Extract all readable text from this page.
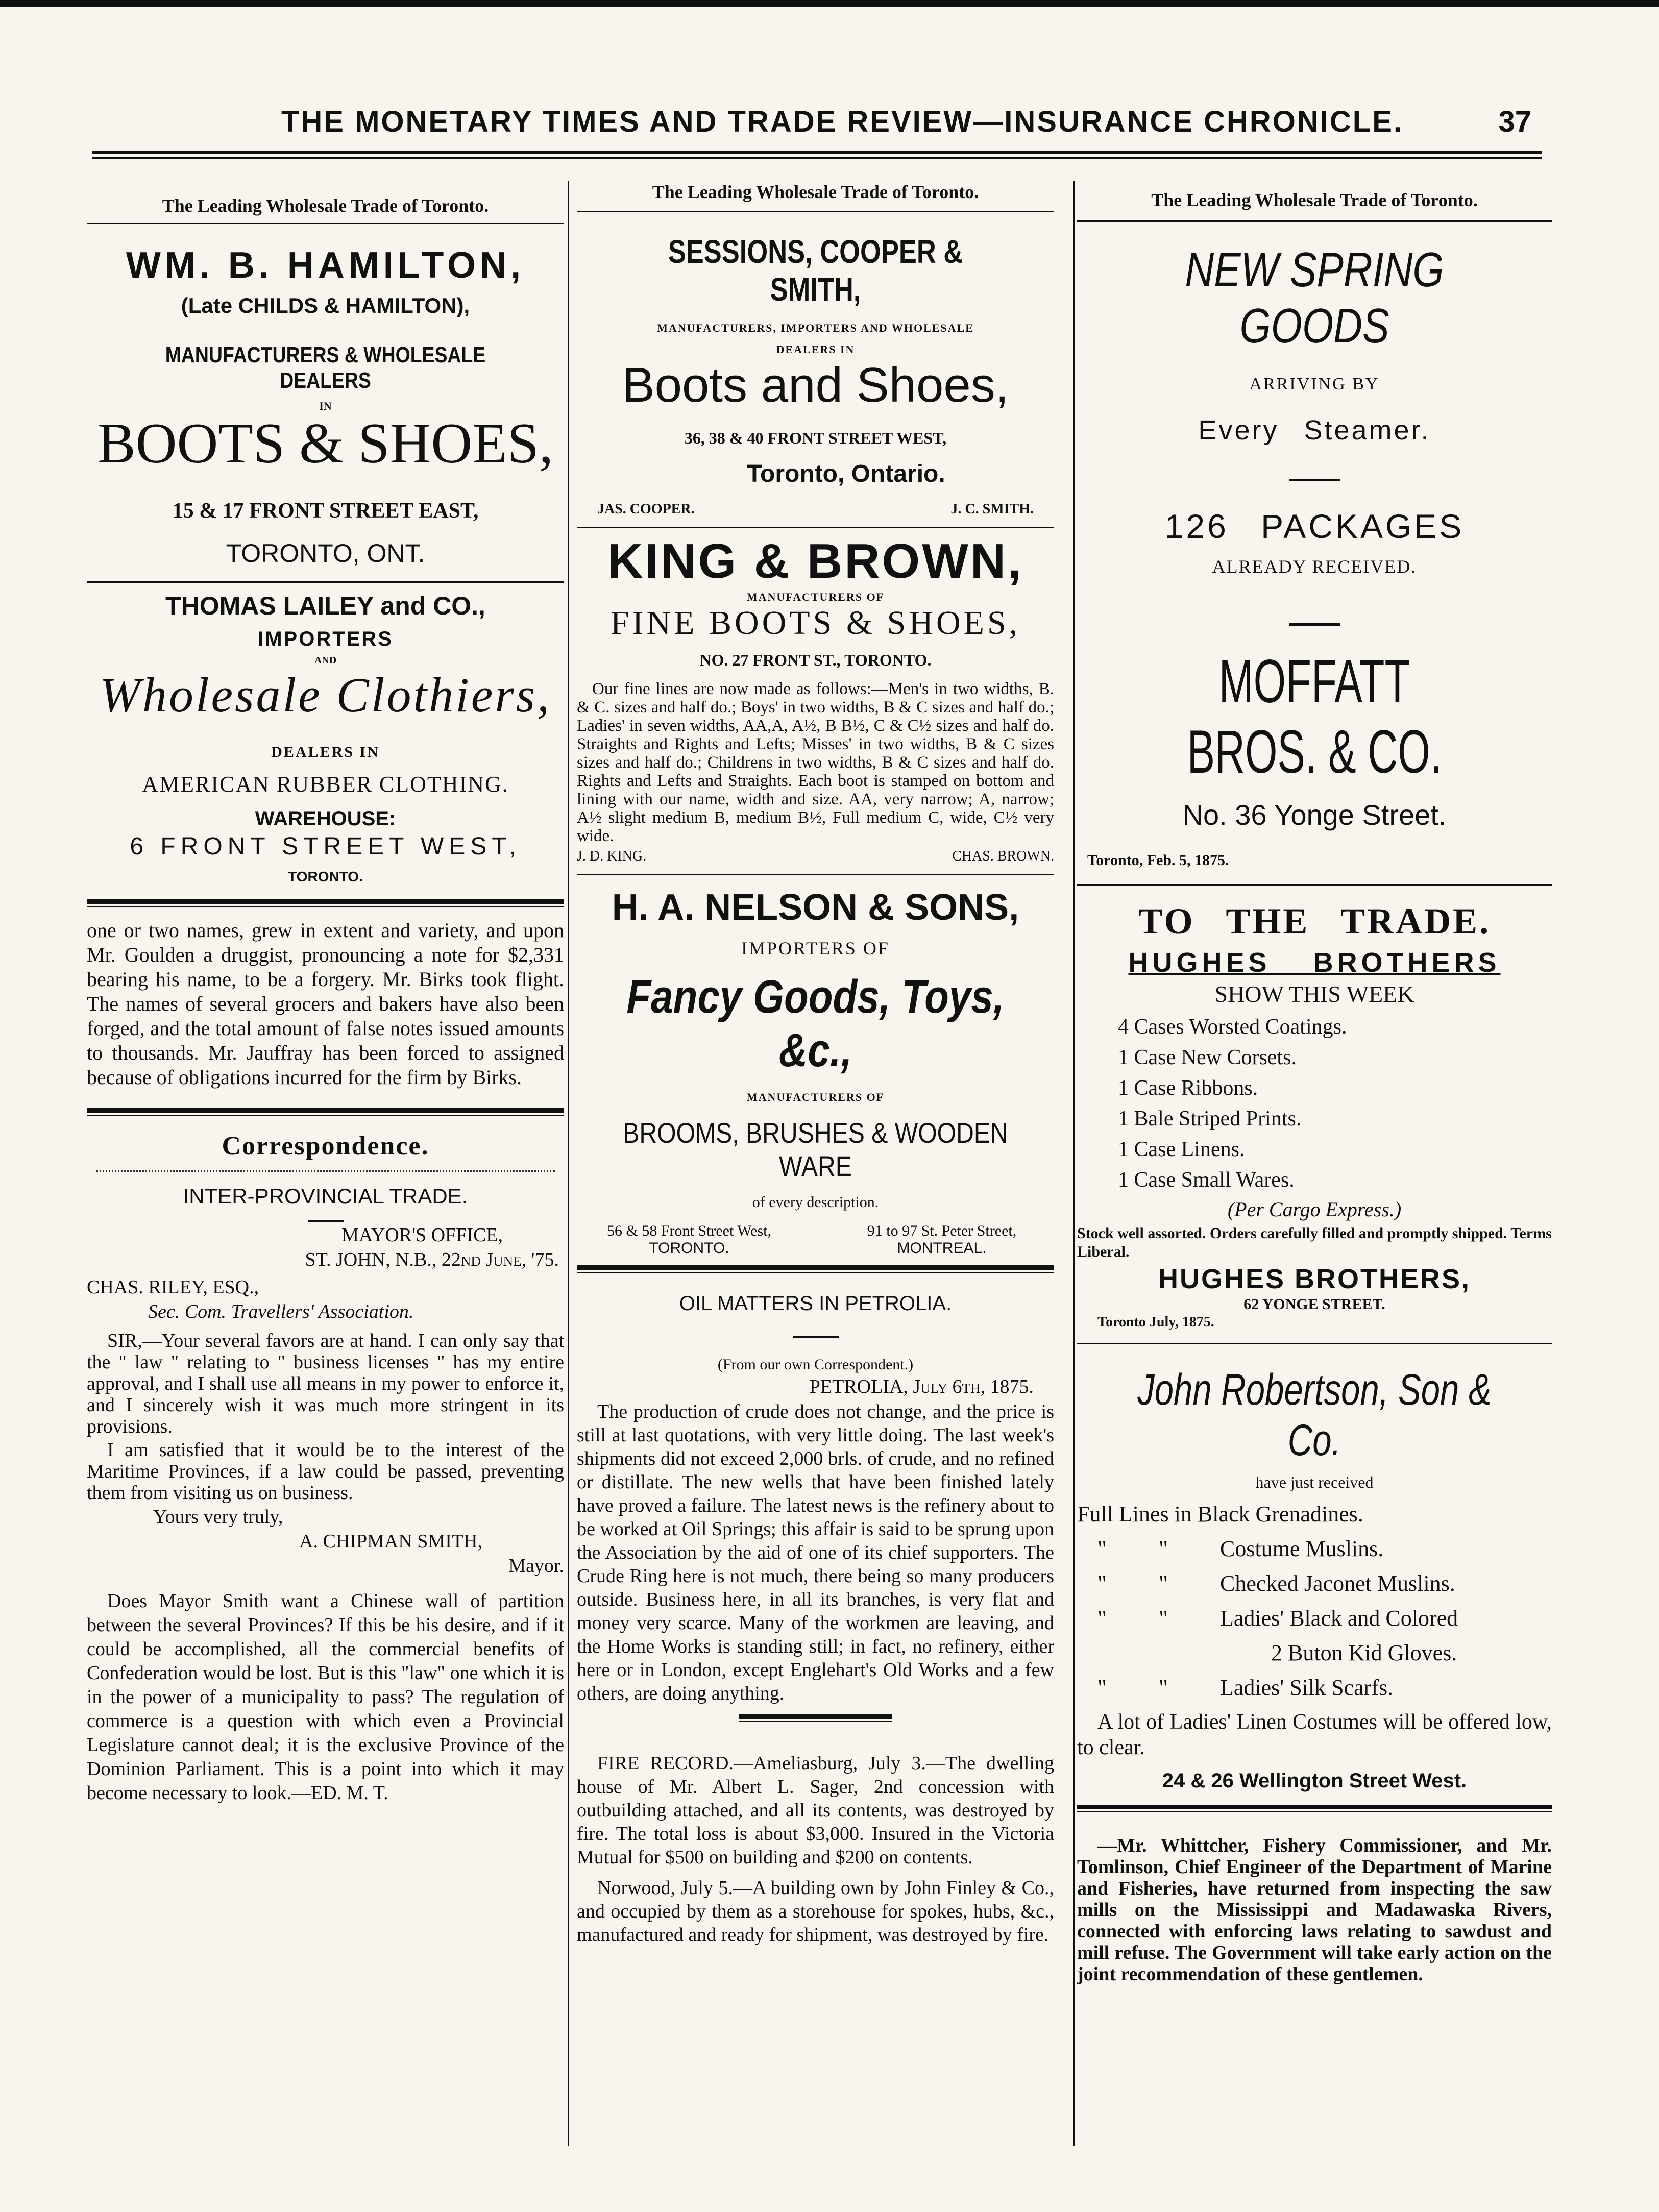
THE MONETARY TIMES AND TRADE REVIEW—INSURANCE CHRONICLE.	37
The Leading Wholesale Trade of Toronto.
WM. B. HAMILTON,
(Late CHILDS & HAMILTON),
MANUFACTURERS & WHOLESALE DEALERS
IN
BOOTS & SHOES,
15 & 17 FRONT STREET EAST,
TORONTO, ONT.
THOMAS LAILEY and CO.,
IMPORTERS
AND
Wholesale Clothiers,
DEALERS IN
AMERICAN RUBBER CLOTHING.
WAREHOUSE:
6 FRONT STREET WEST,
TORONTO.

one or two names, grew in extent and variety, and upon Mr. Goulden a druggist, pronouncing a note for $2,331 bearing his name, to be a forgery. Mr. Birks took flight. The names of several grocers and bakers have also been forged, and the total amount of false notes issued amounts to thousands. Mr. Jauffray has been forced to assigned because of obligations incurred for the firm by Birks.

Correspondence.
INTER-PROVINCIAL TRADE.
MAYOR'S OFFICE,
ST. JOHN, N.B., 22nd June, '75.
CHAS. RILEY, ESQ.,
Sec. Com. Travellers' Association.

SIR,—Your several favors are at hand. I can only say that the " law " relating to " business licenses " has my entire approval, and I shall use all means in my power to enforce it, and I sincerely wish it was much more stringent in its provisions.

I am satisfied that it would be to the interest of the Maritime Provinces, if a law could be passed, preventing them from visiting us on business.

Yours very truly,
A. CHIPMAN SMITH,
Mayor.

Does Mayor Smith want a Chinese wall of partition between the several Provinces? If this be his desire, and if it could be accomplished, all the commercial benefits of Confederation would be lost. But is this "law" one which it is in the power of a municipality to pass? The regulation of commerce is a question with which even a Provincial Legislature cannot deal; it is the exclusive Province of the Dominion Parliament. This is a point into which it may become necessary to look.—ED. M. T.

The Leading Wholesale Trade of Toronto.
SESSIONS, COOPER & SMITH,
MANUFACTURERS, IMPORTERS AND WHOLESALE
DEALERS IN
Boots and Shoes,
36, 38 & 40 FRONT STREET WEST,
Toronto, Ontario.
JAS. COOPER.	J. C. SMITH.
KING & BROWN,
MANUFACTURERS OF
FINE BOOTS & SHOES,
NO. 27 FRONT ST., TORONTO.

Our fine lines are now made as follows:—Men's in two widths, B. & C. sizes and half do.; Boys' in two widths, B & C sizes and half do.; Ladies' in seven widths, AA,A, A½, B B½, C & C½ sizes and half do. Straights and Rights and Lefts; Misses' in two widths, B & C sizes sizes and half do.; Childrens in two widths, B & C sizes and half do. Rights and Lefts and Straights. Each boot is stamped on bottom and lining with our name, width and size. AA, very narrow; A, narrow; A½ slight medium B, medium B½, Full medium C, wide, C½ very wide.

J. D. KING.	CHAS. BROWN.
H. A. NELSON & SONS,
IMPORTERS OF
Fancy Goods, Toys, &c.,
MANUFACTURERS OF
BROOMS, BRUSHES & WOODEN WARE
of every description.
56 & 58 Front Street West,
TORONTO.
91 to 97 St. Peter Street,
MONTREAL.
OIL MATTERS IN PETROLIA.
(From our own Correspondent.)
PETROLIA, July 6th, 1875.

The production of crude does not change, and the price is still at last quotations, with very little doing. The last week's shipments did not exceed 2,000 brls. of crude, and no refined or distillate. The new wells that have been finished lately have proved a failure. The latest news is the refinery about to be worked at Oil Springs; this affair is said to be sprung upon the Association by the aid of one of its chief supporters. The Crude Ring here is not much, there being so many producers outside. Business here, in all its branches, is very flat and money very scarce. Many of the workmen are leaving, and the Home Works is standing still; in fact, no refinery, either here or in London, except Englehart's Old Works and a few others, are doing anything.

FIRE RECORD.—Ameliasburg, July 3.—The dwelling house of Mr. Albert L. Sager, 2nd concession with outbuilding attached, and all its contents, was destroyed by fire. The total loss is about $3,000. Insured in the Victoria Mutual for $500 on building and $200 on contents.

Norwood, July 5.—A building own by John Finley & Co., and occupied by them as a storehouse for spokes, hubs, &c., manufactured and ready for shipment, was destroyed by fire.

The Leading Wholesale Trade of Toronto.
NEW SPRING GOODS
ARRIVING BY
Every Steamer.
126 PACKAGES
ALREADY RECEIVED.
MOFFATT BROS. & CO.
No. 36 Yonge Street.
Toronto, Feb. 5, 1875.
TO THE TRADE.
HUGHES BROTHERS
SHOW THIS WEEK
4 Cases Worsted Coatings.
1 Case New Corsets.
1 Case Ribbons.
1 Bale Striped Prints.
1 Case Linens.
1 Case Small Wares.
(Per Cargo Express.)
Stock well assorted. Orders carefully filled and promptly shipped. Terms Liberal.
HUGHES BROTHERS,
62 YONGE STREET.
Toronto July, 1875.
John Robertson, Son & Co.
have just received
Full Lines in Black Grenadines.
"	"	Costume Muslins.
"	"	Checked Jaconet Muslins.
"	"	Ladies' Black and Colored
2 Buton Kid Gloves.
"	"	Ladies' Silk Scarfs.

A lot of Ladies' Linen Costumes will be offered low, to clear.

24 & 26 Wellington Street West.

—Mr. Whittcher, Fishery Commissioner, and Mr. Tomlinson, Chief Engineer of the Department of Marine and Fisheries, have returned from inspecting the saw mills on the Mississippi and Madawaska Rivers, connected with enforcing laws relating to sawdust and mill refuse. The Government will take early action on the joint recommendation of these gentlemen.
